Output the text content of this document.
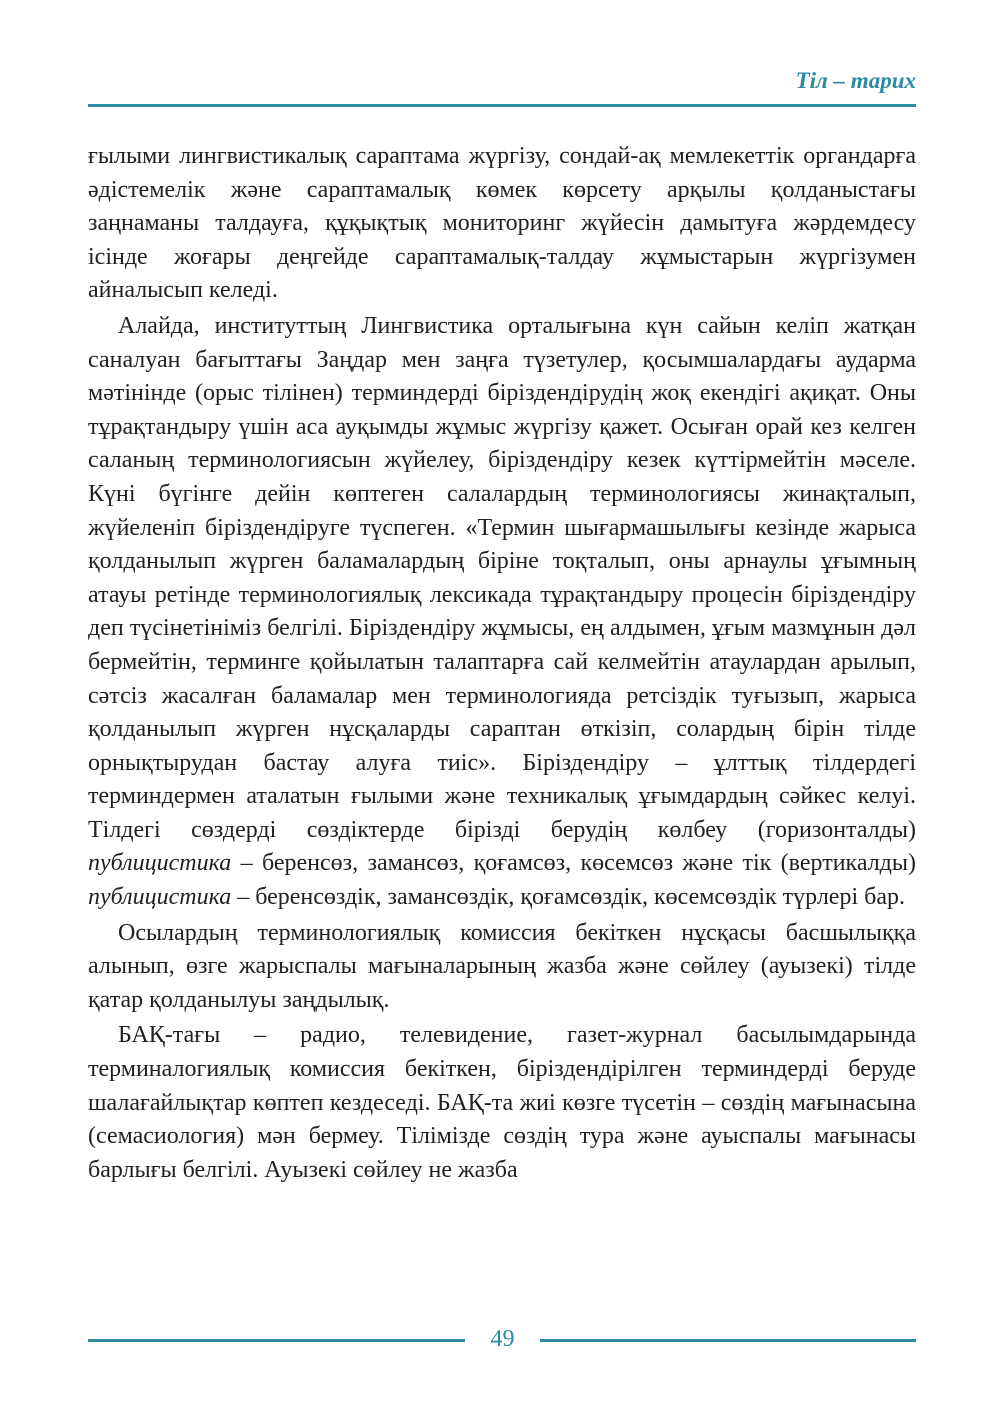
Тіл – тарих

ғылыми лингвистикалық сараптама жүргізу, сондай-ақ мемлекеттік органдарға әдістемелік және сараптамалық көмек көрсету арқылы қолданыстағы заңнаманы талдауға, құқықтық мониторинг жүйесін дамытуға жәрдемдесу ісінде жоғары деңгейде сараптамалық-талдау жұмыстарын жүргізумен айналысып келеді.

Алайда, институттың Лингвистика орталығына күн сайын келіп жатқан саналуан бағыттағы Заңдар мен заңға түзетулер, қосымшалардағы аударма мәтінінде (орыс тілінен) терминдерді біріздендірудің жоқ екендігі ақиқат. Оны тұрақтандыру үшін аса ауқымды жұмыс жүргізу қажет. Осыған орай кез келген саланың терминологиясын жүйелеу, біріздендіру кезек күттірмейтін мәселе. Күні бүгінге дейін көптеген салалардың терминологиясы жинақталып, жүйеленіп біріздендіруге түспеген. «Термин шығармашылығы кезінде жарыса қолданылып жүрген баламалардың біріне тоқталып, оны арнаулы ұғымның атауы ретінде терминологиялық лексикада тұрақтандыру процесін біріздендіру деп түсінетініміз белгілі. Біріздендіру жұмысы, ең алдымен, ұғым мазмұнын дәл бермейтін, терминге қойылатын талаптарға сай келмейтін атаулардан арылып, сәтсіз жасалған баламалар мен терминологияда ретсіздік туғызып, жарыса қолданылып жүрген нұсқаларды сараптан өткізіп, солардың бірін тілде орнықтырудан бастау алуға тиіс». Біріздендіру – ұлттық тілдердегі терминдермен аталатын ғылыми және техникалық ұғымдардың сәйкес келуі. Тілдегі сөздерді сөздіктерде бірізді берудің көлбеу (горизонталды) публицистика – беренсөз, замансөз, қоғамсөз, көсемсөз және тік (вертикалды) публицистика – беренсөздік, замансөздік, қоғамсөздік, көсемсөздік түрлері бар.

Осылардың терминологиялық комиссия бекіткен нұсқасы басшылыққа алынып, өзге жарыспалы мағыналарының жазба және сөйлеу (ауызекі) тілде қатар қолданылуы заңдылық.

БАҚ-тағы – радио, телевидение, газет-журнал басылымдарында терминалогиялық комиссия бекіткен, біріздендірілген терминдерді беруде шалағайлықтар көптеп кездеседі. БАҚ-та жиі көзге түсетін – сөздің мағынасына (семасиология) мән бермеу. Тілімізде сөздің тура және ауыспалы мағынасы барлығы белгілі. Ауызекі сөйлеу не жазба

49
